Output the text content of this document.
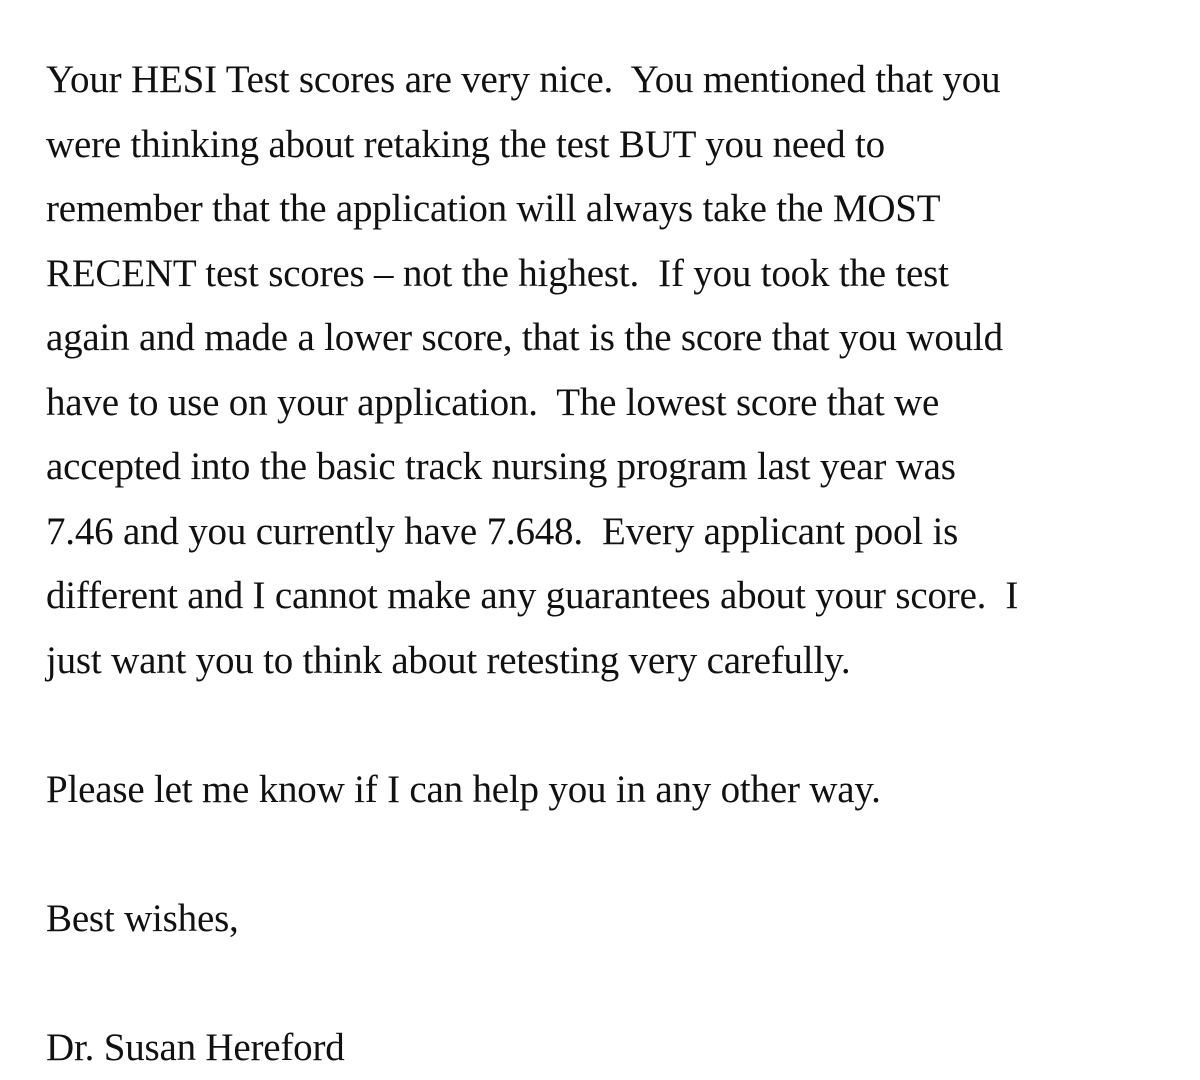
Your HESI Test scores are very nice.  You mentioned that you
were thinking about retaking the test BUT you need to
remember that the application will always take the MOST
RECENT test scores – not the highest.  If you took the test
again and made a lower score, that is the score that you would
have to use on your application.  The lowest score that we
accepted into the basic track nursing program last year was
7.46 and you currently have 7.648.  Every applicant pool is
different and I cannot make any guarantees about your score.  I
just want you to think about retesting very carefully.
Please let me know if I can help you in any other way.
Best wishes,
Dr. Susan Hereford
